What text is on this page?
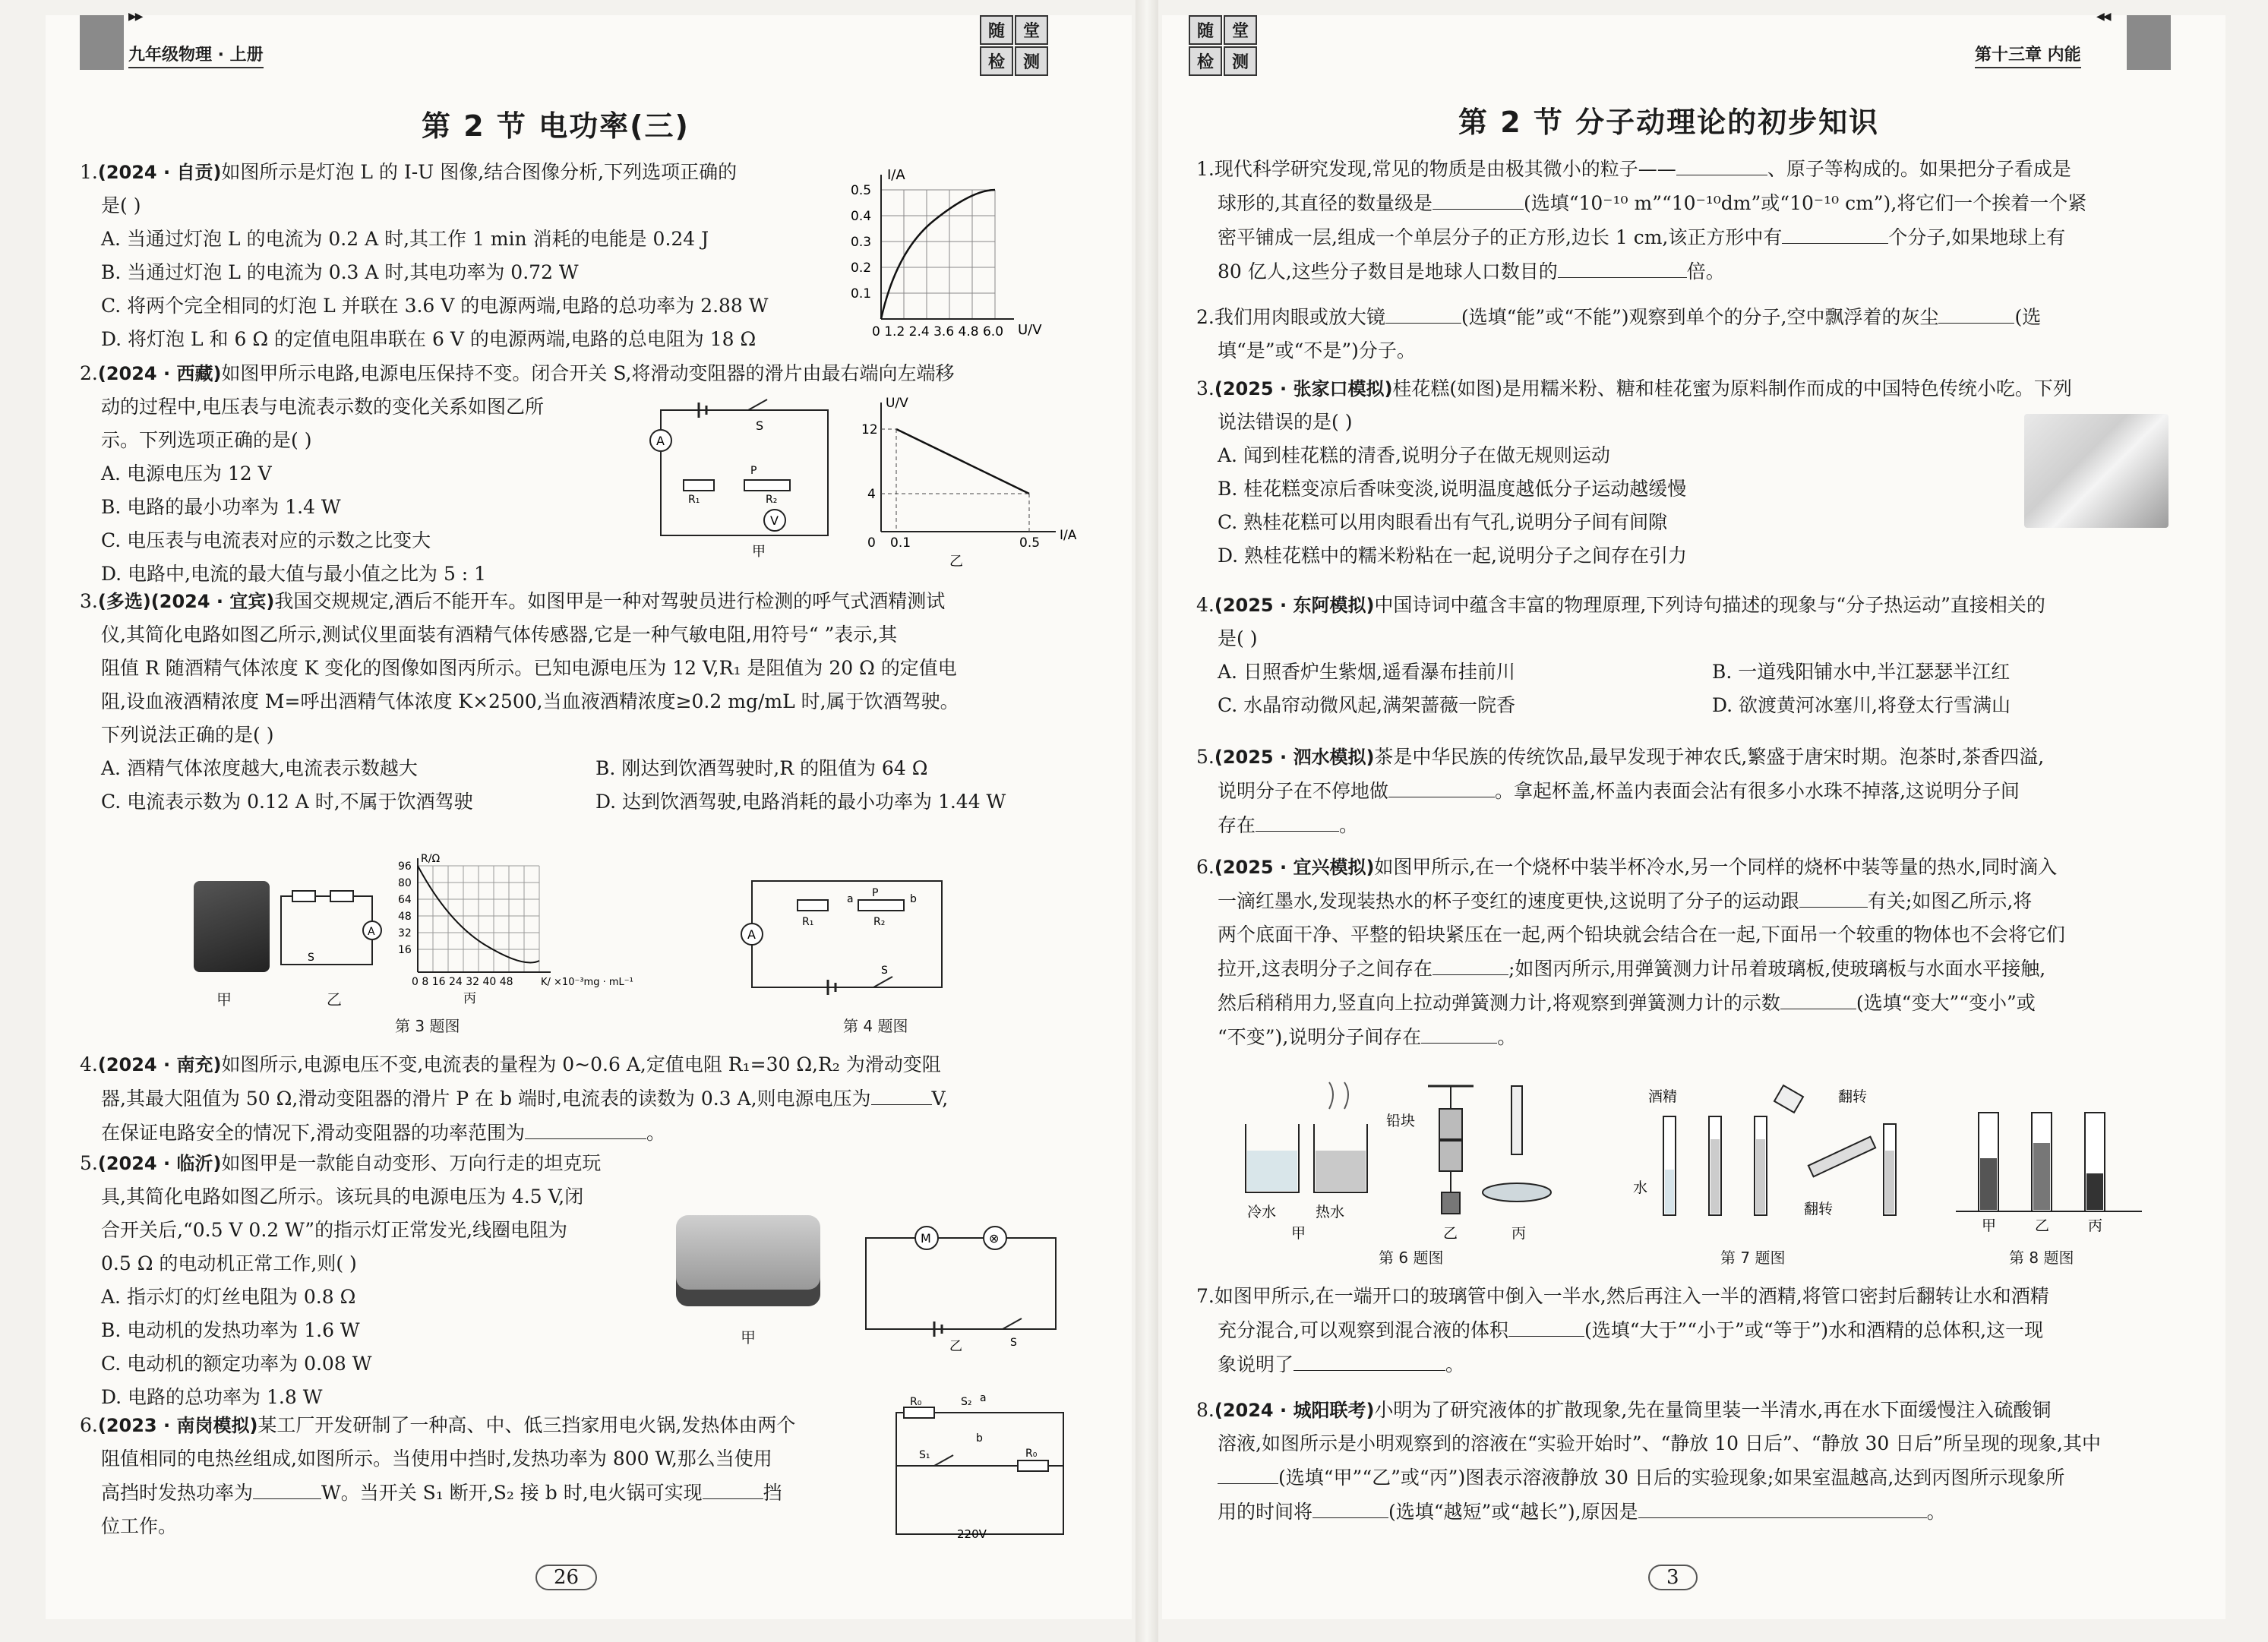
▶▶
九年级物理 · 上册
随	堂
检	测
第 2 节 电功率(三)

1.(2024 · 自贡)如图所示是灯泡 L 的 I-U 图像,结合图像分析,下列选项正确的

是( )

A. 当通过灯泡 L 的电流为 0.2 A 时,其工作 1 min 消耗的电能是 0.24 J

B. 当通过灯泡 L 的电流为 0.3 A 时,其电功率为 0.72 W

C. 将两个完全相同的灯泡 L 并联在 3.6 V 的电源两端,电路的总功率为 2.88 W

D. 将灯泡 L 和 6 Ω 的定值电阻串联在 6 V 的电源两端,电路的总电阻为 18 Ω

I/A
U/V
0.5
0.4
0.3
0.2
0.1
0 1.2 2.4 3.6 4.8 6.0

2.(2024 · 西藏)如图甲所示电路,电源电压保持不变。闭合开关 S,将滑动变阻器的滑片由最右端向左端移

动的过程中,电压表与电流表示数的变化关系如图乙所

示。下列选项正确的是( )

A. 电源电压为 12 V

B. 电路的最小功率为 1.4 W

C. 电压表与电流表对应的示数之比变大

D. 电路中,电流的最大值与最小值之比为 5 : 1

A
S
R₁	R₂
P
V
甲
U/V
I/A
12
4
0 0.1	0.5
乙

3.(多选)(2024 · 宜宾)我国交规规定,酒后不能开车。如图甲是一种对驾驶员进行检测的呼气式酒精测试

仪,其简化电路如图乙所示,测试仪里面装有酒精气体传感器,它是一种气敏电阻,用符号“ ”表示,其

阻值 R 随酒精气体浓度 K 变化的图像如图丙所示。已知电源电压为 12 V,R₁ 是阻值为 20 Ω 的定值电

阻,设血液酒精浓度 M=呼出酒精气体浓度 K×2500,当血液酒精浓度≥0.2 mg/mL 时,属于饮酒驾驶。

下列说法正确的是( )

A. 酒精气体浓度越大,电流表示数越大	B. 刚达到饮酒驾驶时,R 的阻值为 64 Ω
C. 电流表示数为 0.12 A 时,不属于饮酒驾驶	D. 达到饮酒驾驶,电路消耗的最小功率为 1.44 W
A
S
R/Ω
96
80
64
48
32
16
0 8 16 24 32 40 48	K/ ×10⁻³mg · mL⁻¹
丙
甲	乙
第 3 题图
A
R₁	R₂
a	b
P
S
第 4 题图

4.(2024 · 南充)如图所示,电源电压不变,电流表的量程为 0~0.6 A,定值电阻 R₁=30 Ω,R₂ 为滑动变阻

器,其最大阻值为 50 Ω,滑动变阻器的滑片 P 在 b 端时,电流表的读数为 0.3 A,则电源电压为	V,

在保证电路安全的情况下,滑动变阻器的功率范围为	。

5.(2024 · 临沂)如图甲是一款能自动变形、万向行走的坦克玩

具,其简化电路如图乙所示。该玩具的电源电压为 4.5 V,闭

合开关后,“0.5 V 0.2 W”的指示灯正常发光,线圈电阻为

0.5 Ω 的电动机正常工作,则( )

A. 指示灯的灯丝电阻为 0.8 Ω

B. 电动机的发热功率为 1.6 W

C. 电动机的额定功率为 0.08 W

D. 电路的总功率为 1.8 W

甲
M	⊗
S
乙

6.(2023 · 南岗模拟)某工厂开发研制了一种高、中、低三挡家用电火锅,发热体由两个

阻值相同的电热丝组成,如图所示。当使用中挡时,发热功率为 800 W,那么当使用

高挡时发热功率为	W。当开关 S₁ 断开,S₂ 接 b 时,电火锅可实现	挡

位工作。

R₀	S₂ a
b
S₁	R₀
220V
26
随	堂
检	测	第十三章 内能
◀◀
第 2 节 分子动理论的初步知识

1.现代科学研究发现,常见的物质是由极其微小的粒子——	、原子等构成的。如果把分子看成是

球形的,其直径的数量级是	(选填“10⁻¹⁰ m”“10⁻¹⁰dm”或“10⁻¹⁰ cm”),将它们一个挨着一个紧

密平铺成一层,组成一个单层分子的正方形,边长 1 cm,该正方形中有	个分子,如果地球上有

80 亿人,这些分子数目是地球人口数目的	倍。

2.我们用肉眼或放大镜	(选填“能”或“不能”)观察到单个的分子,空中飘浮着的灰尘	(选

填“是”或“不是”)分子。

3.(2025 · 张家口模拟)桂花糕(如图)是用糯米粉、糖和桂花蜜为原料制作而成的中国特色传统小吃。下列

说法错误的是( )

A. 闻到桂花糕的清香,说明分子在做无规则运动

B. 桂花糕变凉后香味变淡,说明温度越低分子运动越缓慢

C. 熟桂花糕可以用肉眼看出有气孔,说明分子间有间隙

D. 熟桂花糕中的糯米粉粘在一起,说明分子之间存在引力

4.(2025 · 东阿模拟)中国诗词中蕴含丰富的物理原理,下列诗句描述的现象与“分子热运动”直接相关的

是( )

A. 日照香炉生紫烟,遥看瀑布挂前川	B. 一道残阳铺水中,半江瑟瑟半江红
C. 水晶帘动微风起,满架蔷薇一院香	D. 欲渡黄河冰塞川,将登太行雪满山

5.(2025 · 泗水模拟)茶是中华民族的传统饮品,最早发现于神农氏,繁盛于唐宋时期。泡茶时,茶香四溢,

说明分子在不停地做	。拿起杯盖,杯盖内表面会沾有很多小水珠不掉落,这说明分子间

存在	。

6.(2025 · 宜兴模拟)如图甲所示,在一个烧杯中装半杯冷水,另一个同样的烧杯中装等量的热水,同时滴入

一滴红墨水,发现装热水的杯子变红的速度更快,这说明了分子的运动跟	有关;如图乙所示,将

两个底面干净、平整的铅块紧压在一起,两个铅块就会结合在一起,下面吊一个较重的物体也不会将它们

拉开,这表明分子之间存在	;如图丙所示,用弹簧测力计吊着玻璃板,使玻璃板与水面水平接触,

然后稍稍用力,竖直向上拉动弹簧测力计,将观察到弹簧测力计的示数	(选填“变大”“变小”或

“不变”),说明分子间存在	。

冷水	热水
铅块
甲	乙	丙
第 6 题图
水
酒精	翻转
翻转
第 7 题图
甲	乙	丙
第 8 题图

7.如图甲所示,在一端开口的玻璃管中倒入一半水,然后再注入一半的酒精,将管口密封后翻转让水和酒精

充分混合,可以观察到混合液的体积	(选填“大于”“小于”或“等于”)水和酒精的总体积,这一现

象说明了	。

8.(2024 · 城阳联考)小明为了研究液体的扩散现象,先在量筒里装一半清水,再在水下面缓慢注入硫酸铜

溶液,如图所示是小明观察到的溶液在“实验开始时”、“静放 10 日后”、“静放 30 日后”所呈现的现象,其中

(选填“甲”“乙”或“丙”)图表示溶液静放 30 日后的实验现象;如果室温越高,达到丙图所示现象所

用的时间将	(选填“越短”或“越长”),原因是	。

3
